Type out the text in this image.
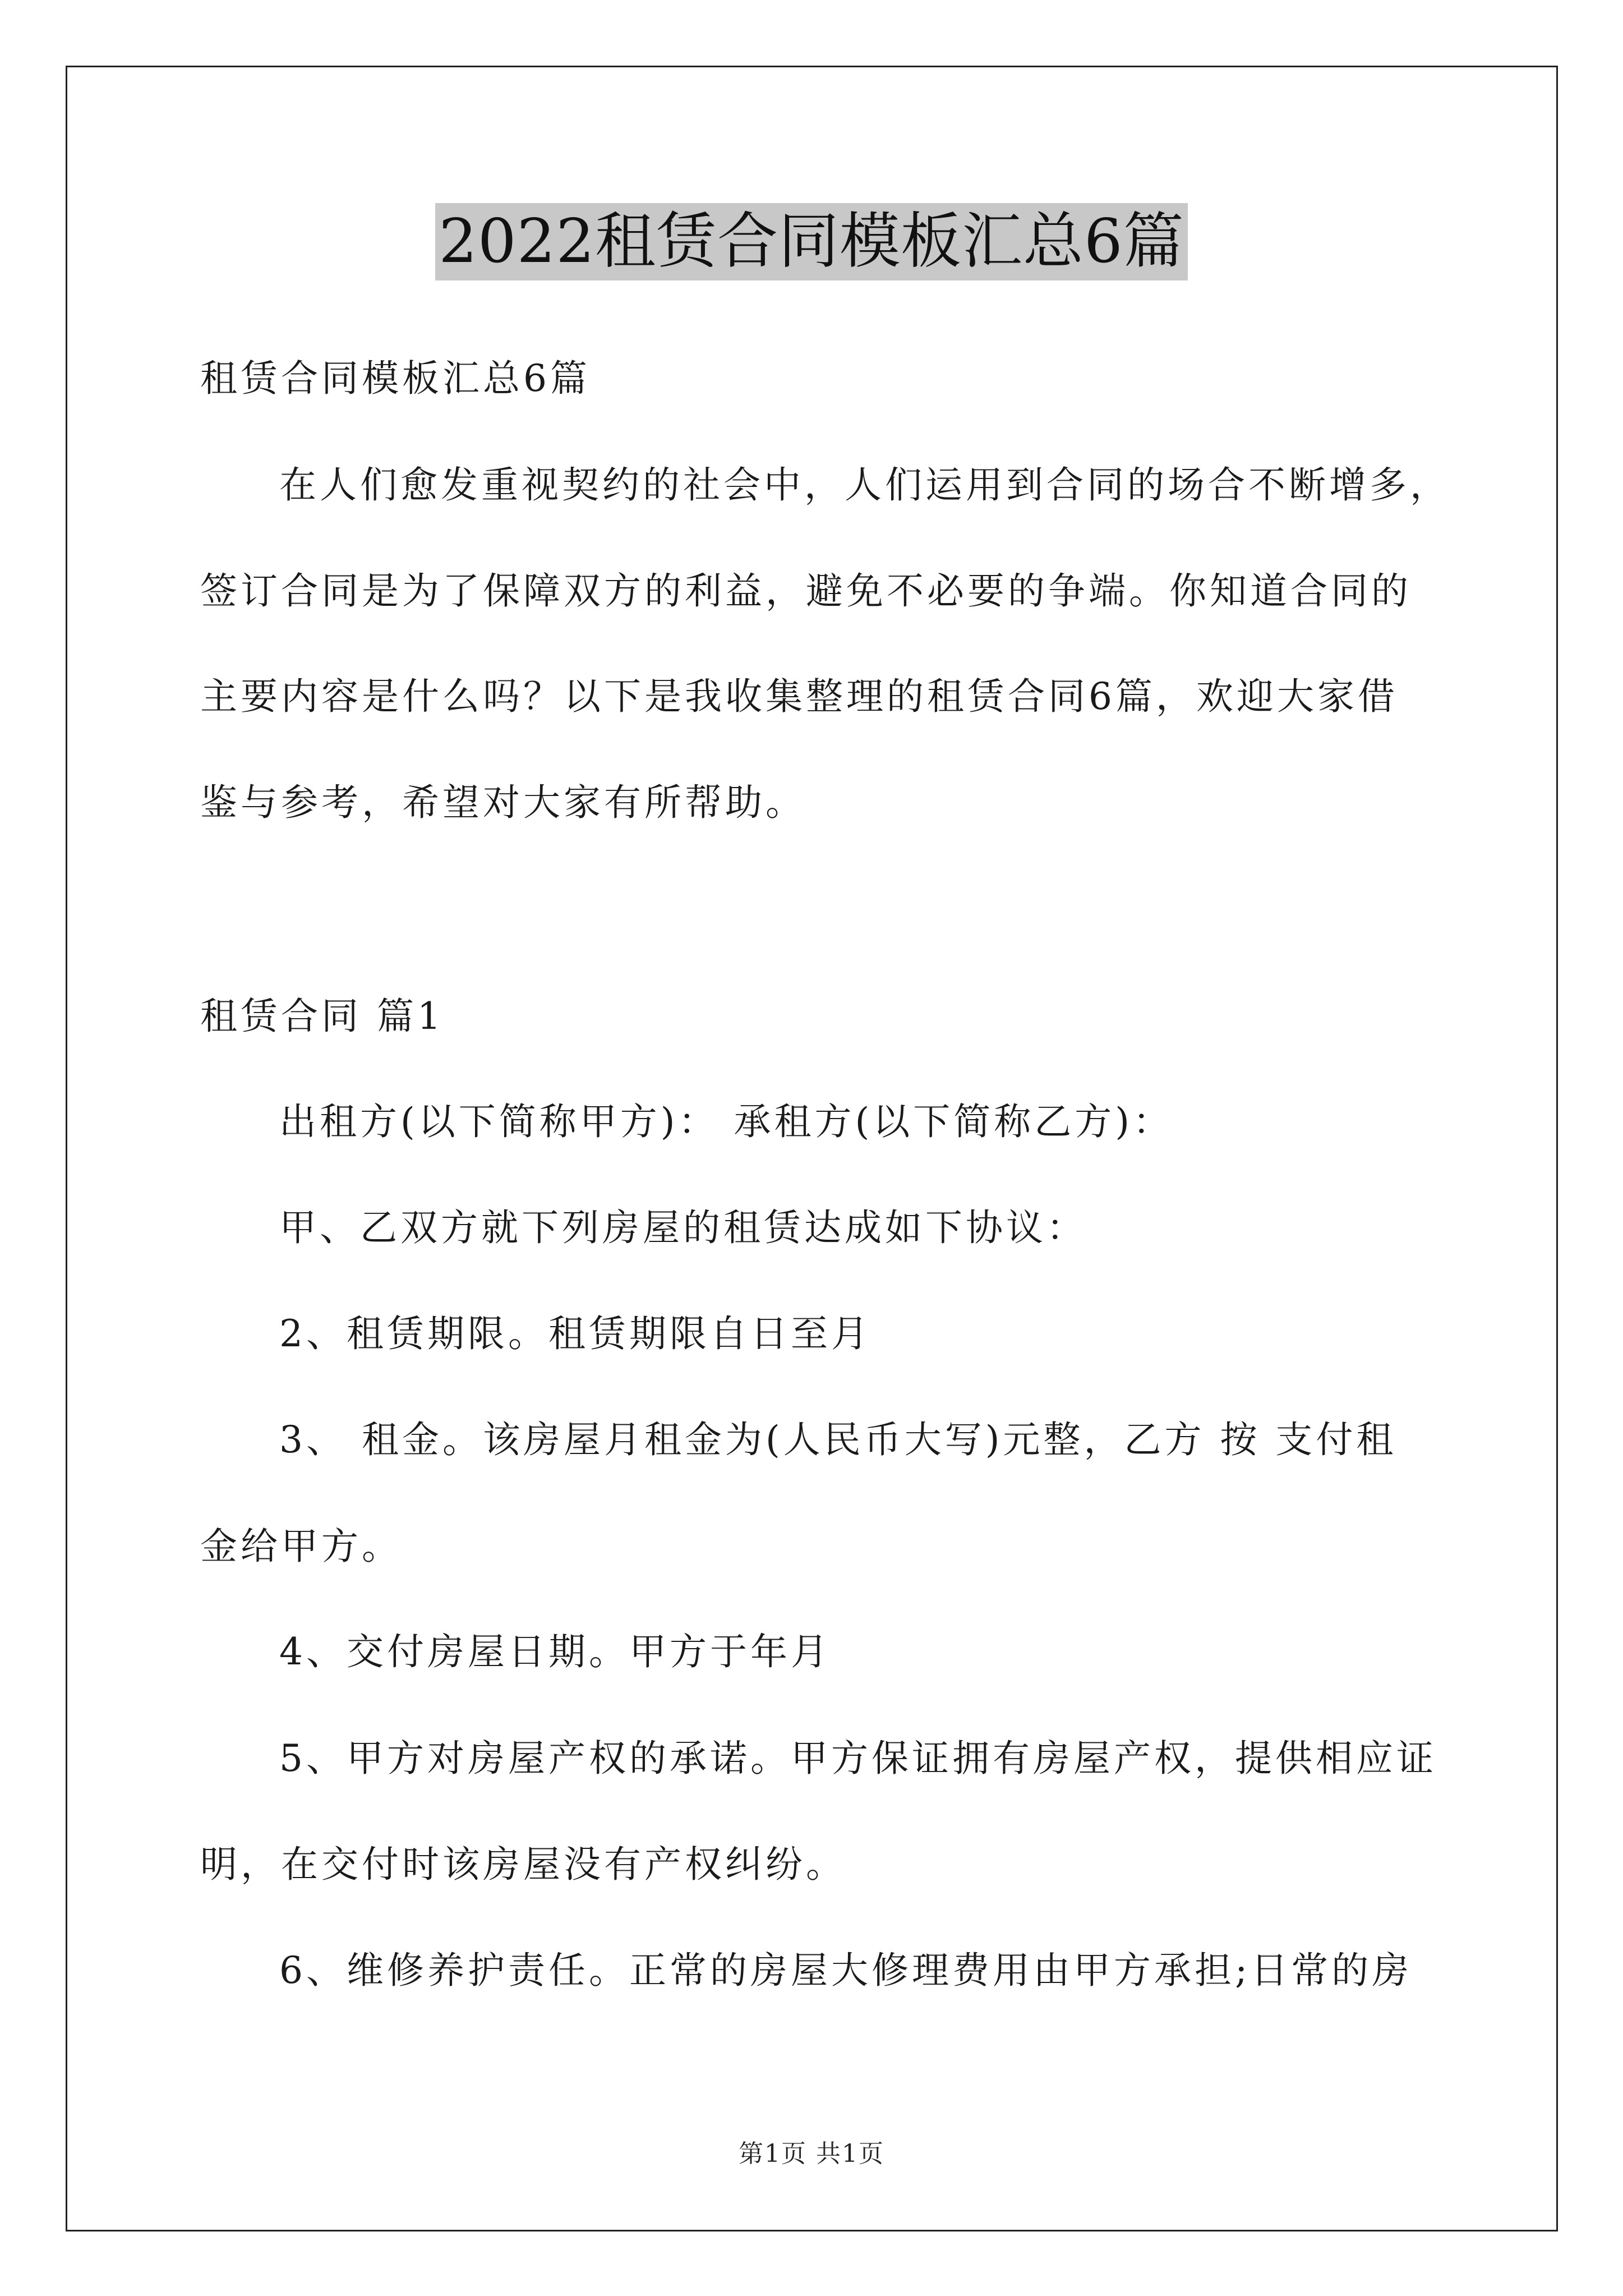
2022租赁合同模板汇总6篇
租赁合同模板汇总6篇
在人们愈发重视契约的社会中，人们运用到合同的场合不断增多，
签订合同是为了保障双方的利益，避免不必要的争端。你知道合同的
主要内容是什么吗？以下是我收集整理的租赁合同6篇，欢迎大家借
鉴与参考，希望对大家有所帮助。
租赁合同 篇1
出租方(以下简称甲方)： 承租方(以下简称乙方)：
甲、乙双方就下列房屋的租赁达成如下协议：
2、租赁期限。租赁期限自日至月
3、 租金。该房屋月租金为(人民币大写)元整，乙方 按 支付租
金给甲方。
4、交付房屋日期。甲方于年月
5、甲方对房屋产权的承诺。甲方保证拥有房屋产权，提供相应证
明，在交付时该房屋没有产权纠纷。
6、维修养护责任。正常的房屋大修理费用由甲方承担;日常的房
第1页 共1页
